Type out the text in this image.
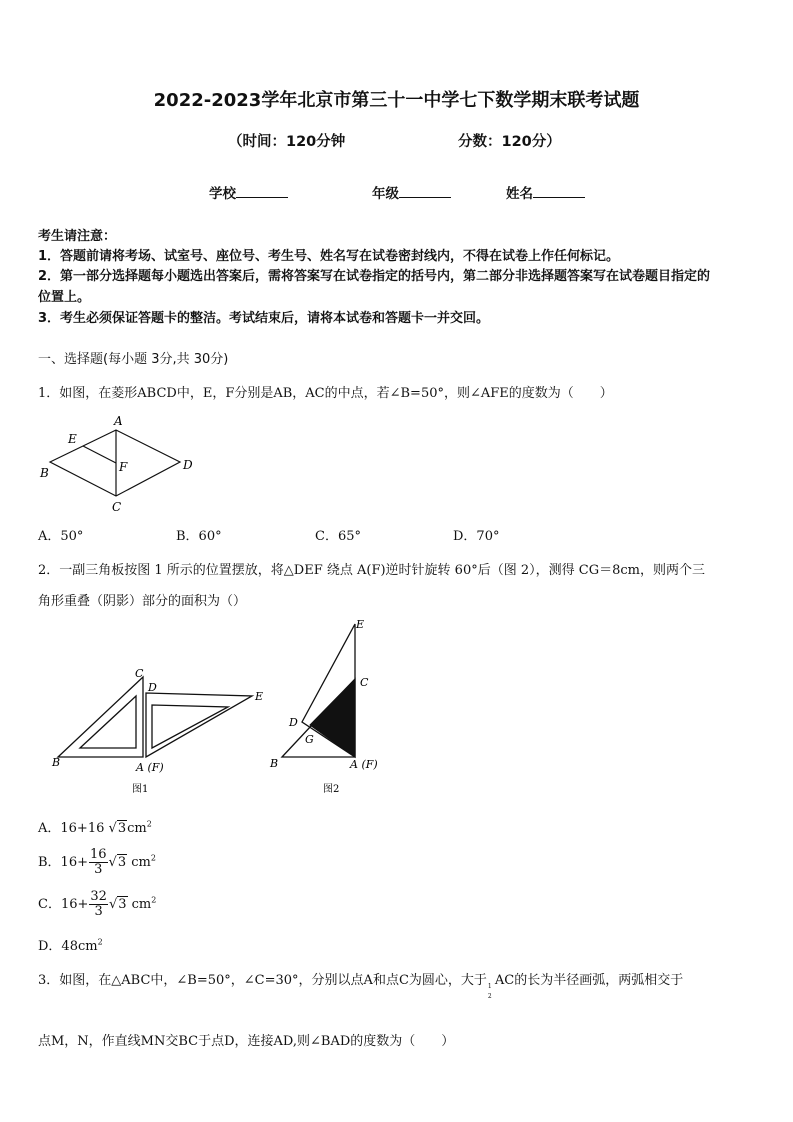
2022-2023学年北京市第三十一中学七下数学期末联考试题
（时间：120分钟	分数：120分）
学校	年级	姓名
考生请注意：
1．答题前请将考场、试室号、座位号、考生号、姓名写在试卷密封线内，不得在试卷上作任何标记。
2．第一部分选择题每小题选出答案后，需将答案写在试卷指定的括号内，第二部分非选择题答案写在试卷题目指定的
位置上。
3．考生必须保证答题卡的整洁。考试结束后，请将本试卷和答题卡一并交回。
一、选择题(每小题 3分,共 30分)
1．如图，在菱形ABCD中，E，F分别是AB，AC的中点，若∠B=50°，则∠AFE的度数为（　　）
A
B
C
D
E
F
A．50°	B．60°	C．65°	D．70°
2．一副三角板按图 1 所示的位置摆放，将△DEF 绕点 A(F)逆时针旋转 60°后（图 2），测得 CG＝8cm，则两个三
角形重叠（阴影）部分的面积为（）
C
D
E
B	A (F)
图1
E
C
D
G
B	A (F)
图2
A．16+16 $√3cm^2$
B．$16+ \frac{16}{3} √3$ $cm^2$
C．$16+ \frac{32}{3} √3$ $cm^2$
D．$48cm^2$
3．如图，在△ABC中，∠B=50°，∠C=30°，分别以点A和点C为圆心，大于 1
2
AC的长为半径画弧，两弧相交于
点M，N，作直线MN交BC于点D，连接AD,则∠BAD的度数为（　　）
